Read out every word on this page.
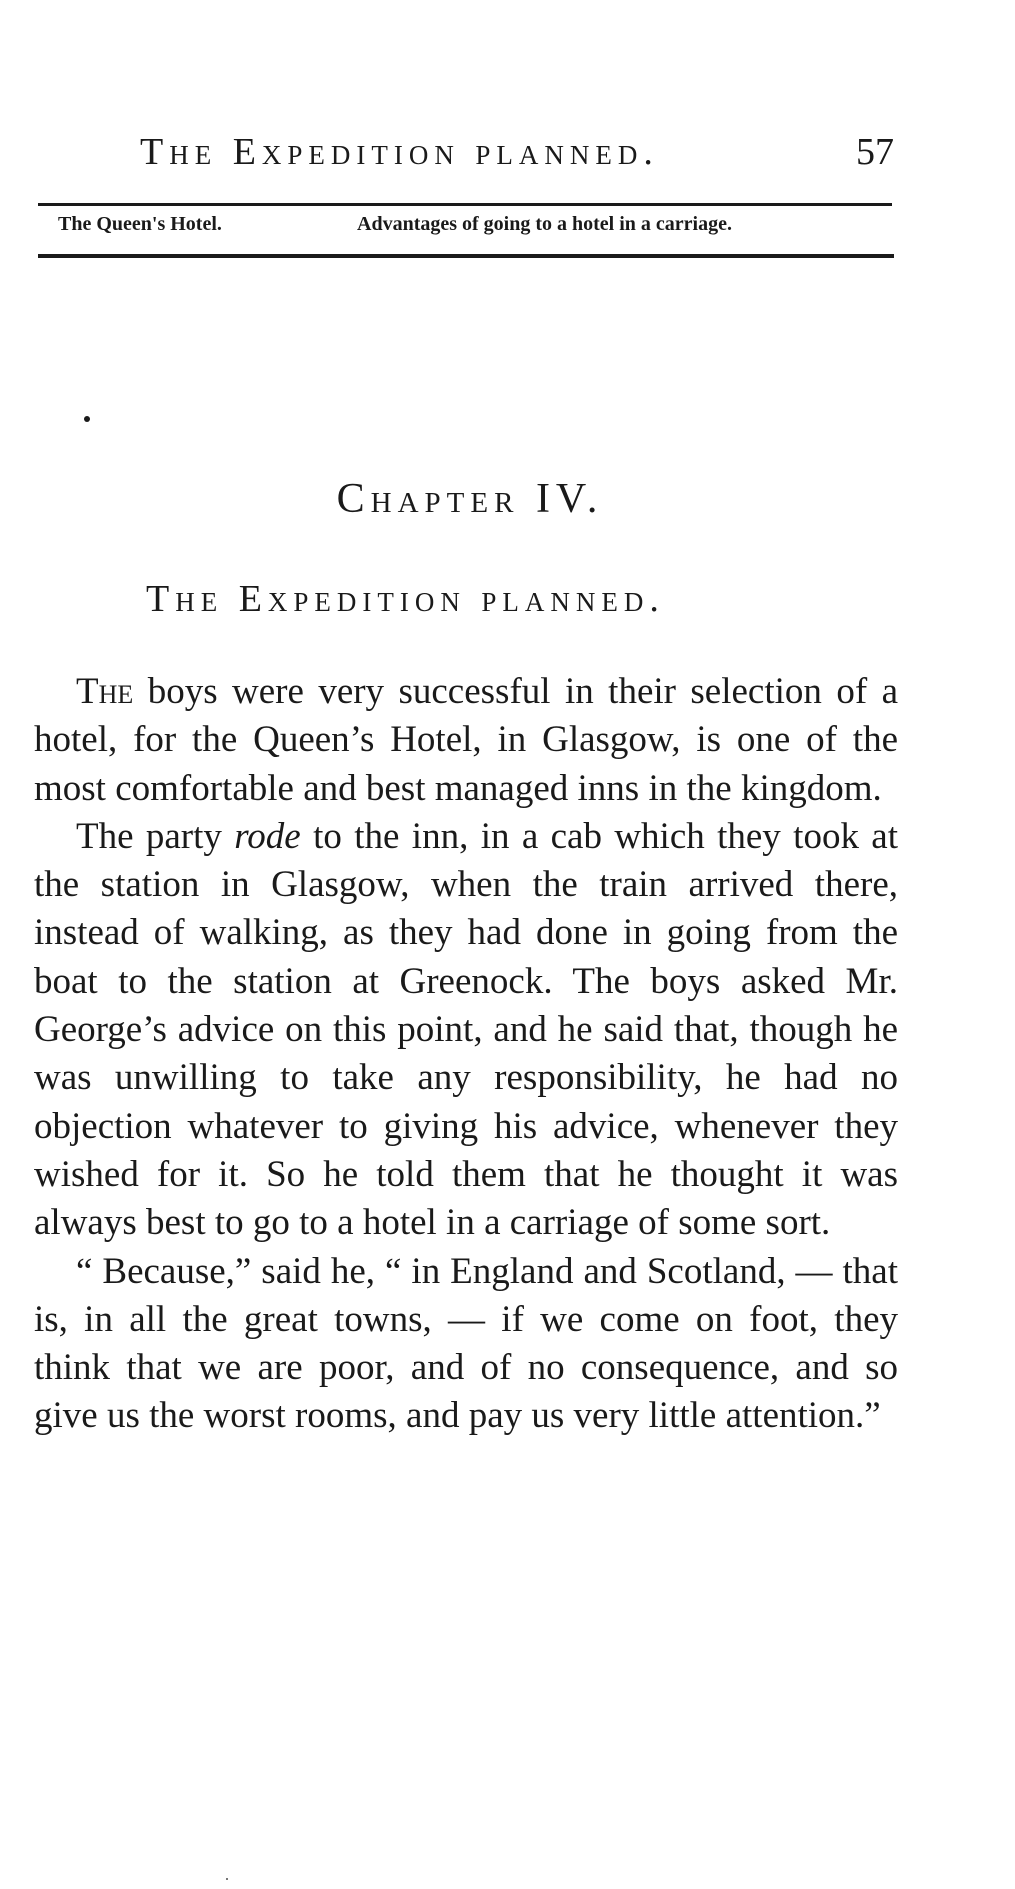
The Expedition planned.	57
The Queen's Hotel.	Advantages of going to a hotel in a carriage.
Chapter IV.
The Expedition planned.

The boys were very successful in their selection of a hotel, for the Queen’s Hotel, in Glasgow, is one of the most comfortable and best managed inns in the kingdom.

The party rode to the inn, in a cab which they took at the station in Glasgow, when the train arrived there, instead of walking, as they had done in going from the boat to the station at Greenock. The boys asked Mr. George’s advice on this point, and he said that, though he was unwilling to take any responsibility, he had no objection whatever to giving his advice, whenever they wished for it. So he told them that he thought it was always best to go to a hotel in a carriage of some sort.

“ Because,” said he, “ in England and Scotland, — that is, in all the great towns, — if we come on foot, they think that we are poor, and of no consequence, and so give us the worst rooms, and pay us very little attention.”
